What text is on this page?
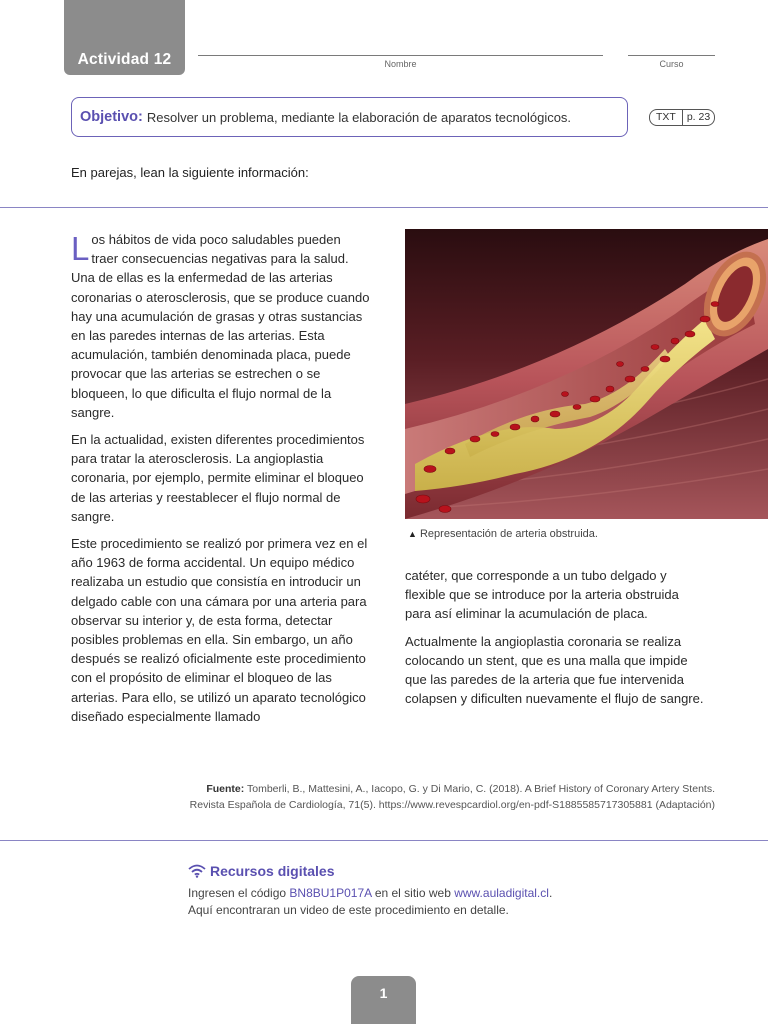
Actividad 12	Nombre	Curso
Objetivo: Resolver un problema, mediante la elaboración de aparatos tecnológicos.	TXT	p. 23
En parejas, lean la siguiente información:

Los hábitos de vida poco saludables pueden traer consecuencias negativas para la salud. Una de ellas es la enfermedad de las arterias coronarias o aterosclerosis, que se produce cuando hay una acumulación de grasas y otras sustancias en las paredes internas de las arterias. Esta acumulación, también denominada placa, puede provocar que las arterias se estrechen o se bloqueen, lo que dificulta el flujo normal de la sangre.

En la actualidad, existen diferentes procedimientos para tratar la aterosclerosis. La angioplastia coronaria, por ejemplo, permite eliminar el bloqueo de las arterias y reestablecer el flujo normal de sangre.

Este procedimiento se realizó por primera vez en el año 1963 de forma accidental. Un equipo médico realizaba un estudio que consistía en introducir un delgado cable con una cámara por una arteria para observar su interior y, de esta forma, detectar posibles problemas en ella. Sin embargo, un año después se realizó oficialmente este procedimiento con el propósito de eliminar el bloqueo de las arterias. Para ello, se utilizó un aparato tecnológico diseñado especialmente llamado

▲ Representación de arteria obstruida.

catéter, que corresponde a un tubo delgado y flexible que se introduce por la arteria obstruida para así eliminar la acumulación de placa.

Actualmente la angioplastia coronaria se realiza colocando un stent, que es una malla que impide que las paredes de la arteria que fue intervenida colapsen y dificulten nuevamente el flujo de sangre.

Fuente: Tomberli, B., Mattesini, A., Iacopo, G. y Di Mario, C. (2018). A Brief History of Coronary Artery Stents.
Revista Española de Cardiología, 71(5). https://www.revespcardiol.org/en-pdf-S1885585717305881 (Adaptación)
Recursos digitales
Ingresen el código BN8BU1P017A en el sitio web www.auladigital.cl.
Aquí encontraran un video de este procedimiento en detalle.
1
